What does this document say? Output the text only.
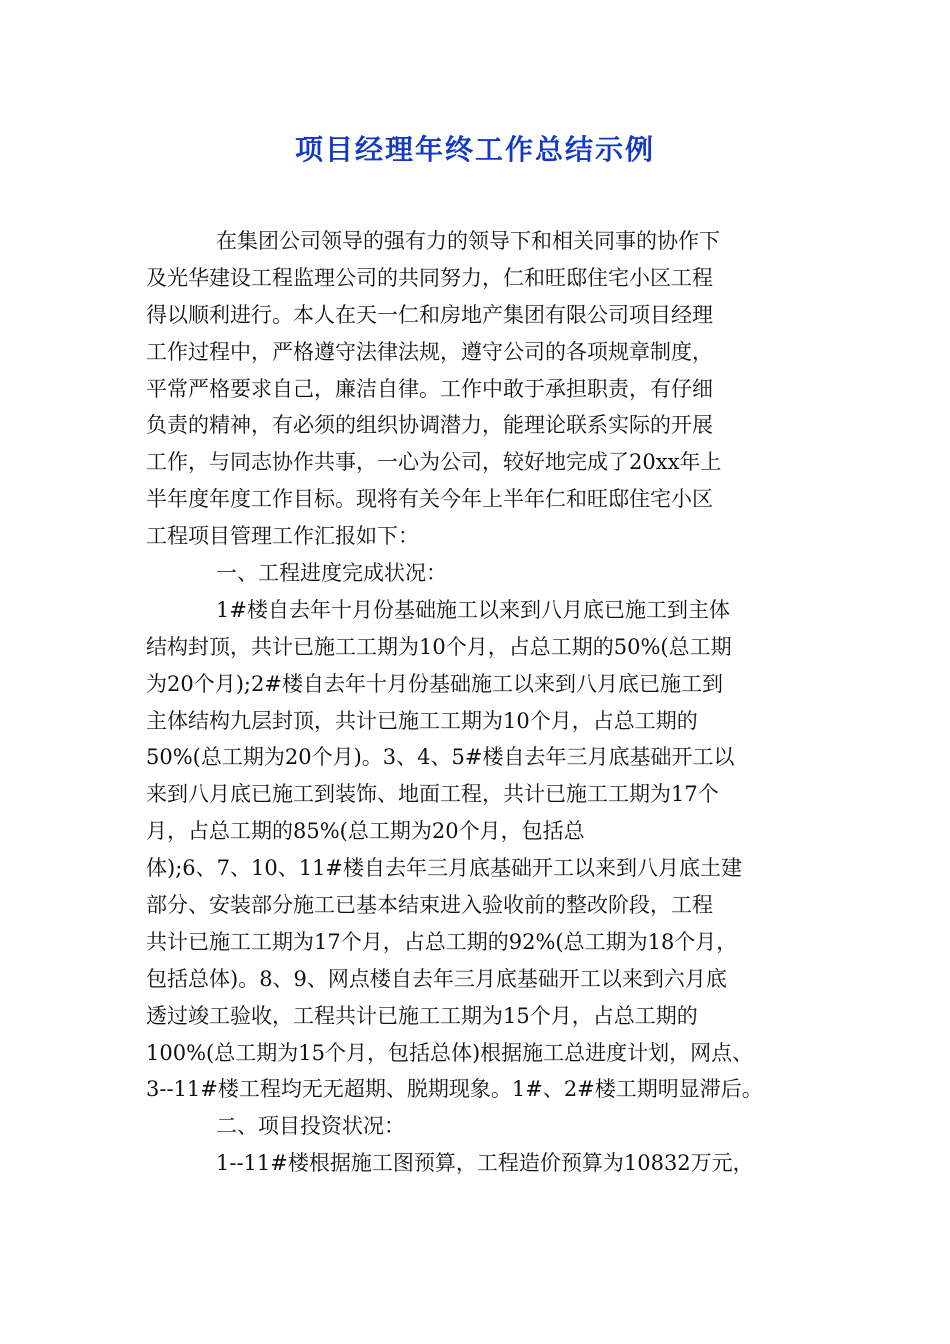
项目经理年终工作总结示例
在集团公司领导的强有力的领导下和相关同事的协作下
及光华建设工程监理公司的共同努力，仁和旺邸住宅小区工程
得以顺利进行。本人在天一仁和房地产集团有限公司项目经理
工作过程中，严格遵守法律法规，遵守公司的各项规章制度，
平常严格要求自己，廉洁自律。工作中敢于承担职责，有仔细
负责的精神，有必须的组织协调潜力，能理论联系实际的开展
工作，与同志协作共事，一心为公司，较好地完成了20xx年上
半年度年度工作目标。现将有关今年上半年仁和旺邸住宅小区
工程项目管理工作汇报如下：
一、工程进度完成状况：
1#楼自去年十月份基础施工以来到八月底已施工到主体
结构封顶，共计已施工工期为10个月，占总工期的50%(总工期
为20个月);2#楼自去年十月份基础施工以来到八月底已施工到
主体结构九层封顶，共计已施工工期为10个月，占总工期的
50%(总工期为20个月)。3、4、5#楼自去年三月底基础开工以
来到八月底已施工到装饰、地面工程，共计已施工工期为17个
月，占总工期的85%(总工期为20个月，包括总
体);6、7、10、11#楼自去年三月底基础开工以来到八月底土建
部分、安装部分施工已基本结束进入验收前的整改阶段，工程
共计已施工工期为17个月，占总工期的92%(总工期为18个月，
包括总体)。8、9、网点楼自去年三月底基础开工以来到六月底
透过竣工验收，工程共计已施工工期为15个月，占总工期的
100%(总工期为15个月，包括总体)根据施工总进度计划，网点、
3--11#楼工程均无无超期、脱期现象。1#、2#楼工期明显滞后。
二、项目投资状况：
1--11#楼根据施工图预算，工程造价预算为10832万元，
